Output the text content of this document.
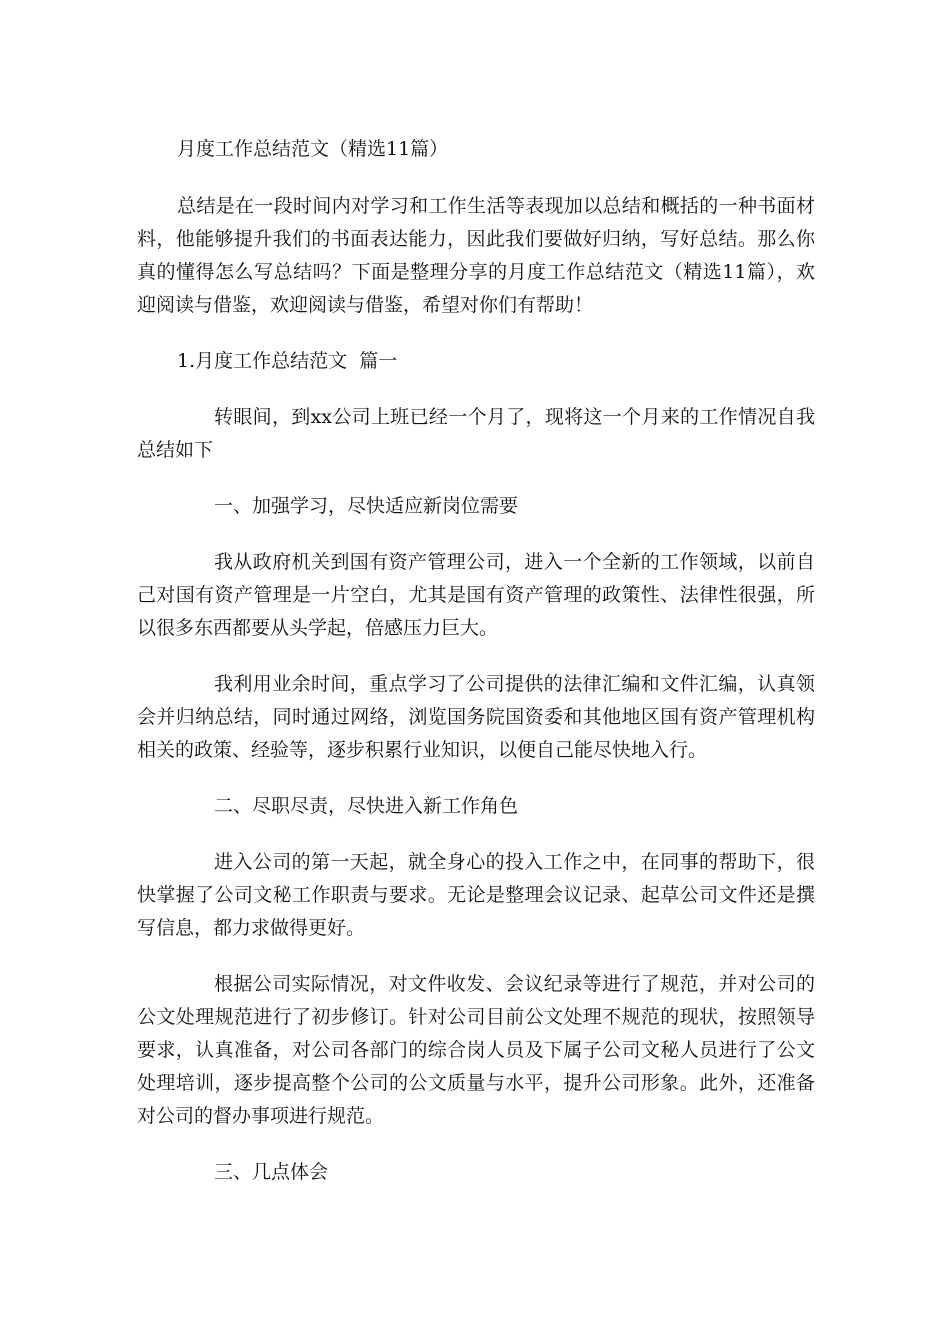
月度工作总结范文（精选11篇）
总结是在一段时间内对学习和工作生活等表现加以总结和概括的一种书面材
料，他能够提升我们的书面表达能力，因此我们要做好归纳，写好总结。那么你
真的懂得怎么写总结吗？下面是整理分享的月度工作总结范文（精选11篇），欢
迎阅读与借鉴，欢迎阅读与借鉴，希望对你们有帮助！
1.月度工作总结范文  篇一
转眼间，到xx公司上班已经一个月了，现将这一个月来的工作情况自我
总结如下
一、加强学习，尽快适应新岗位需要
我从政府机关到国有资产管理公司，进入一个全新的工作领域，以前自
己对国有资产管理是一片空白，尤其是国有资产管理的政策性、法律性很强，所
以很多东西都要从头学起，倍感压力巨大。
我利用业余时间，重点学习了公司提供的法律汇编和文件汇编，认真领
会并归纳总结，同时通过网络，浏览国务院国资委和其他地区国有资产管理机构
相关的政策、经验等，逐步积累行业知识，以便自己能尽快地入行。
二、尽职尽责，尽快进入新工作角色
进入公司的第一天起，就全身心的投入工作之中，在同事的帮助下，很
快掌握了公司文秘工作职责与要求。无论是整理会议记录、起草公司文件还是撰
写信息，都力求做得更好。
根据公司实际情况，对文件收发、会议纪录等进行了规范，并对公司的
公文处理规范进行了初步修订。针对公司目前公文处理不规范的现状，按照领导
要求，认真准备，对公司各部门的综合岗人员及下属子公司文秘人员进行了公文
处理培训，逐步提高整个公司的公文质量与水平，提升公司形象。此外，还准备
对公司的督办事项进行规范。
三、几点体会
